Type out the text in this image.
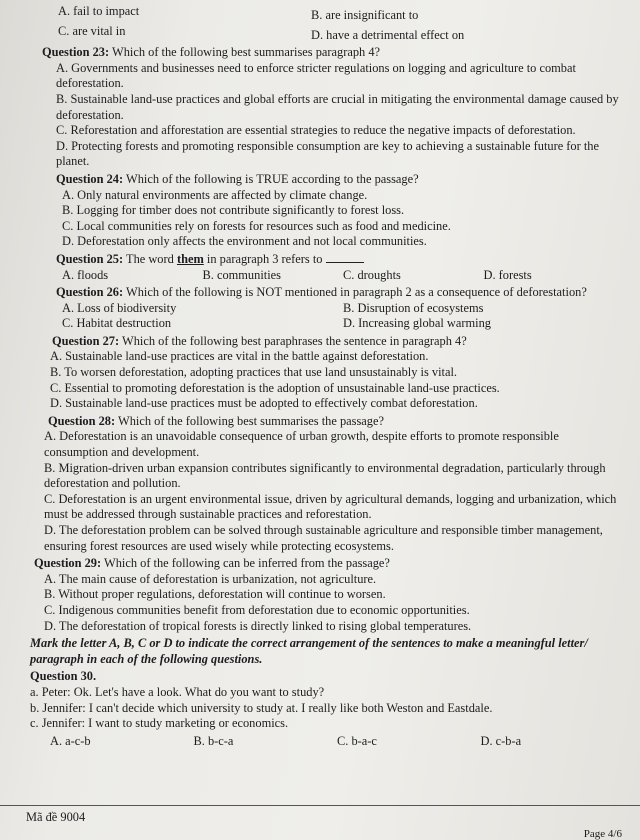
A. fail to impact	B. are insignificant to
C. are vital in	D. have a detrimental effect on
Question 23: Which of the following best summarises paragraph 4?
A. Governments and businesses need to enforce stricter regulations on logging and agriculture to combat deforestation.
B. Sustainable land-use practices and global efforts are crucial in mitigating the environmental damage caused by deforestation.
C. Reforestation and afforestation are essential strategies to reduce the negative impacts of deforestation.
D. Protecting forests and promoting responsible consumption are key to achieving a sustainable future for the planet.
Question 24: Which of the following is TRUE according to the passage?
A. Only natural environments are affected by climate change.
B. Logging for timber does not contribute significantly to forest loss.
C. Local communities rely on forests for resources such as food and medicine.
D. Deforestation only affects the environment and not local communities.
Question 25: The word them in paragraph 3 refers to
A. floods	B. communities	C. droughts	D. forests
Question 26: Which of the following is NOT mentioned in paragraph 2 as a consequence of deforestation?
A. Loss of biodiversity	B. Disruption of ecosystems
C. Habitat destruction	D. Increasing global warming
Question 27: Which of the following best paraphrases the sentence in paragraph 4?
A. Sustainable land-use practices are vital in the battle against deforestation.
B. To worsen deforestation, adopting practices that use land unsustainably is vital.
C. Essential to promoting deforestation is the adoption of unsustainable land-use practices.
D. Sustainable land-use practices must be adopted to effectively combat deforestation.
Question 28: Which of the following best summarises the passage?
A. Deforestation is an unavoidable consequence of urban growth, despite efforts to promote responsible consumption and development.
B. Migration-driven urban expansion contributes significantly to environmental degradation, particularly through deforestation and pollution.
C. Deforestation is an urgent environmental issue, driven by agricultural demands, logging and urbanization, which must be addressed through sustainable practices and reforestation.
D. The deforestation problem can be solved through sustainable agriculture and responsible timber management, ensuring forest resources are used wisely while protecting ecosystems.
Question 29: Which of the following can be inferred from the passage?
A. The main cause of deforestation is urbanization, not agriculture.
B. Without proper regulations, deforestation will continue to worsen.
C. Indigenous communities benefit from deforestation due to economic opportunities.
D. The deforestation of tropical forests is directly linked to rising global temperatures.
Mark the letter A, B, C or D to indicate the correct arrangement of the sentences to make a meaningful letter/ paragraph in each of the following questions.
Question 30.
a. Peter: Ok. Let's have a look. What do you want to study?
b. Jennifer: I can't decide which university to study at. I really like both Weston and Eastdale.
c. Jennifer: I want to study marketing or economics.
A. a-c-b	B. b-c-a	C. b-a-c	D. c-b-a
Mã đề 9004
Page 4/6
